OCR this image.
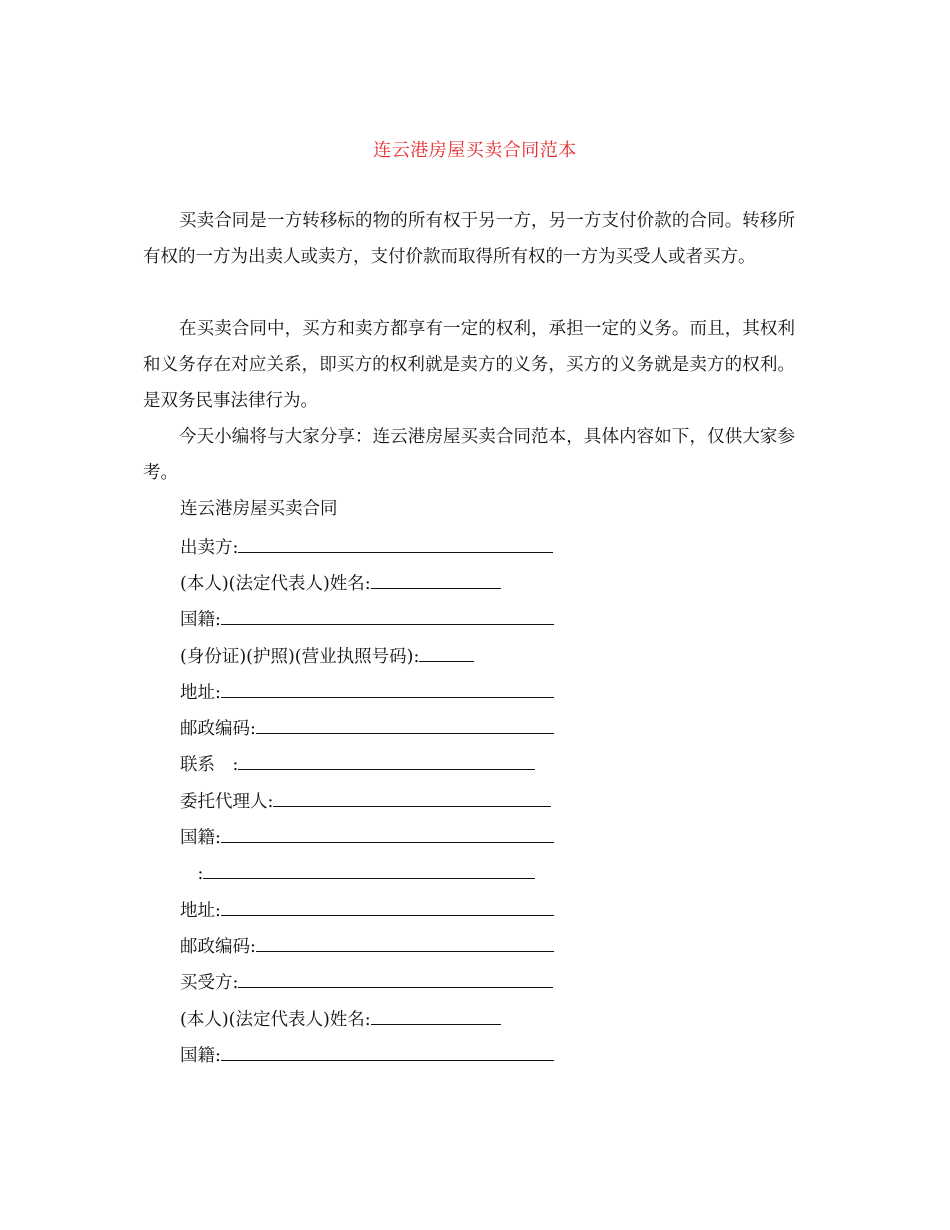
连云港房屋买卖合同范本

买卖合同是一方转移标的物的所有权于另一方，另一方支付价款的合同。转移所有权的一方为出卖人或卖方，支付价款而取得所有权的一方为买受人或者买方。

在买卖合同中，买方和卖方都享有一定的权利，承担一定的义务。而且，其权利和义务存在对应关系，即买方的权利就是卖方的义务，买方的义务就是卖方的权利。是双务民事法律行为。

今天小编将与大家分享：连云港房屋买卖合同范本，具体内容如下，仅供大家参考。

连云港房屋买卖合同
出卖方:
(本人)(法定代表人)姓名:
国籍:
(身份证)(护照)(营业执照号码):
地址:
邮政编码:
联系　:
委托代理人:
国籍:
　:
地址:
邮政编码:
买受方:
(本人)(法定代表人)姓名:
国籍:
